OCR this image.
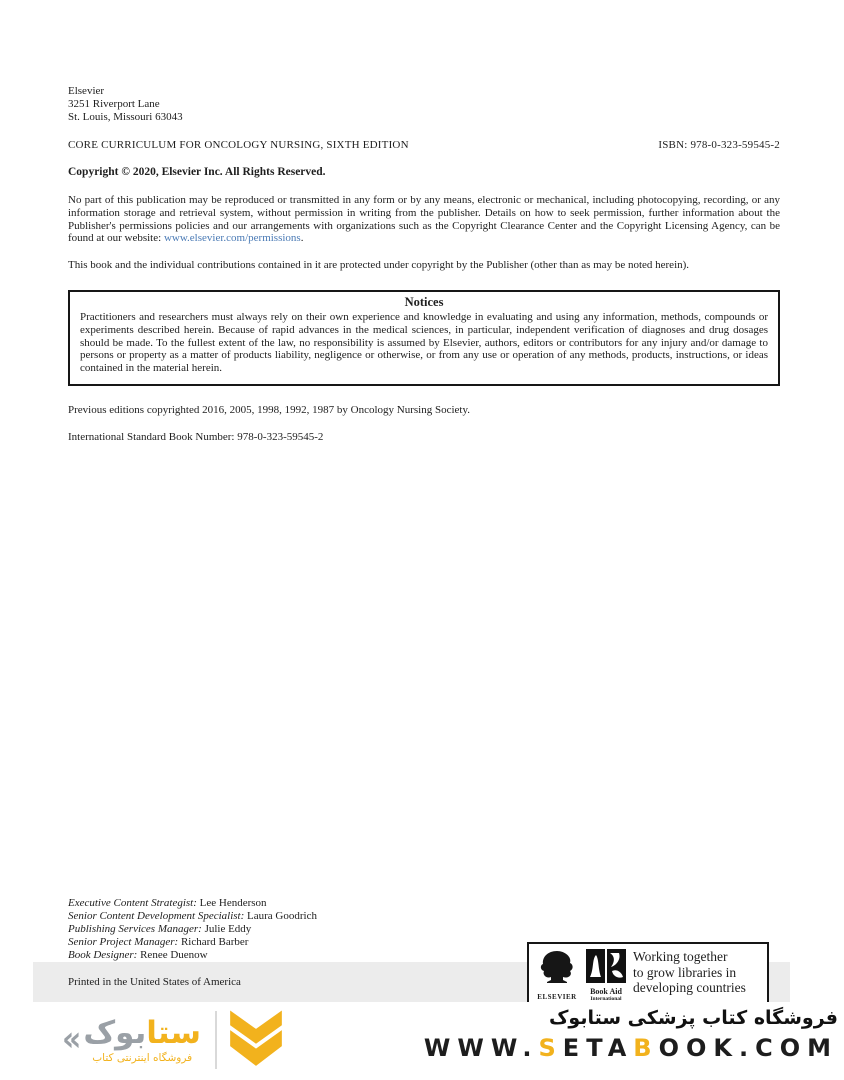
Elsevier
3251 Riverport Lane
St. Louis, Missouri 63043
CORE CURRICULUM FOR ONCOLOGY NURSING, SIXTH EDITION	ISBN: 978-0-323-59545-2
Copyright © 2020, Elsevier Inc. All Rights Reserved.

No part of this publication may be reproduced or transmitted in any form or by any means, electronic or mechanical, including photocopying, recording, or any information storage and retrieval system, without permission in writing from the publisher. Details on how to seek permission, further information about the Publisher's permissions policies and our arrangements with organizations such as the Copyright Clearance Center and the Copyright Licensing Agency, can be found at our website: www.elsevier.com/permissions.

This book and the individual contributions contained in it are protected under copyright by the Publisher (other than as may be noted herein).
Notices
Practitioners and researchers must always rely on their own experience and knowledge in evaluating and using any information, methods, compounds or experiments described herein. Because of rapid advances in the medical sciences, in particular, independent verification of diagnoses and drug dosages should be made. To the fullest extent of the law, no responsibility is assumed by Elsevier, authors, editors or contributors for any injury and/or damage to persons or property as a matter of products liability, negligence or otherwise, or from any use or operation of any methods, products, instructions, or ideas contained in the material herein.
Previous editions copyrighted 2016, 2005, 1998, 1992, 1987 by Oncology Nursing Society.
International Standard Book Number: 978-0-323-59545-2
Executive Content Strategist: Lee Henderson
Senior Content Development Specialist: Laura Goodrich
Publishing Services Manager: Julie Eddy
Senior Project Manager: Richard Barber
Book Designer: Renee Duenow
Printed in the United States of America
ELSEVIER
Book Aid
International
Working together
to grow libraries in
developing countries
«	ستابوک
فروشگاه اینترنتی کتاب
فروشگاه کتاب پزشکی ستابوک
WWW.SETABOOK.COM
